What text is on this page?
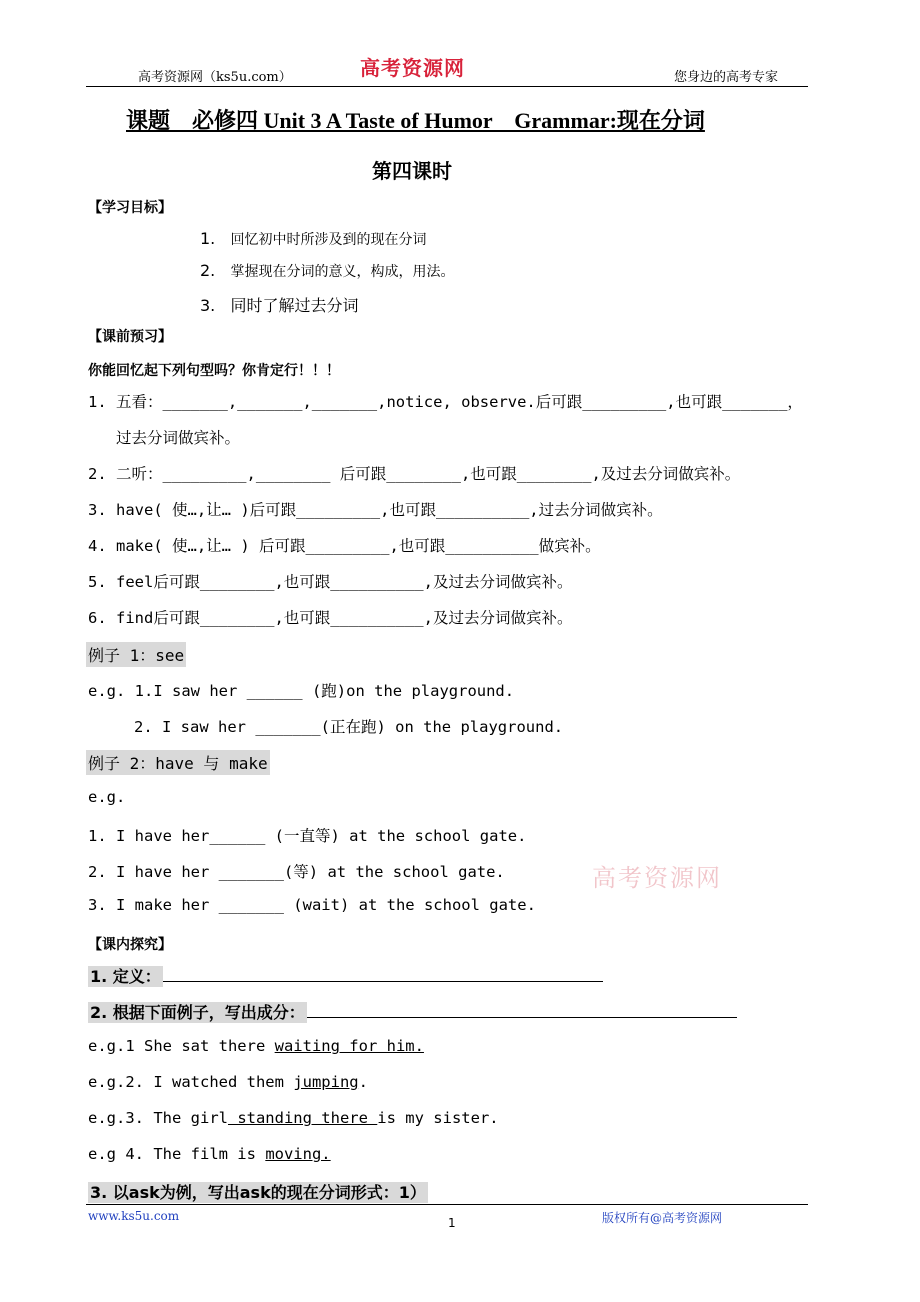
高考资源网（ks5u.com）	高考资源网	您身边的高考专家
课题　必修四 Unit 3 A Taste of Humor　Grammar:现在分词
第四课时
【学习目标】
1. 回忆初中时所涉及到的现在分词
2. 掌握现在分词的意义，构成，用法。
3. 同时了解过去分词
【课前预习】
你能回忆起下列句型吗？你肯定行！！！
1. 五看：_______,_______,_______,notice, observe.后可跟_________,也可跟_______，
过去分词做宾补。
2. 二听：_________,________ 后可跟________,也可跟________,及过去分词做宾补。
3. have( 使…,让… )后可跟_________,也可跟__________,过去分词做宾补。
4. make( 使…,让… ) 后可跟_________,也可跟__________做宾补。
5. feel后可跟________,也可跟__________,及过去分词做宾补。
6. find后可跟________,也可跟__________,及过去分词做宾补。
例子 1：see
e.g. 1.I saw her ______ (跑)on the playground.
2. I saw her _______(正在跑) on the playground.
例子 2：have 与 make
e.g.
1. I have her______ (一直等) at the school gate.
2. I have her _______(等) at the school gate.
3. I make her _______ (wait) at the school gate.
高考资源网
【课内探究】
1. 定义：
2. 根据下面例子，写出成分：
e.g.1 She sat there waiting for him.
e.g.2. I watched them jumping.
e.g.3. The girl standing there is my sister.
e.g 4. The film is moving.
3. 以ask为例，写出ask的现在分词形式：1）
www.ks5u.com	1	版权所有@高考资源网
